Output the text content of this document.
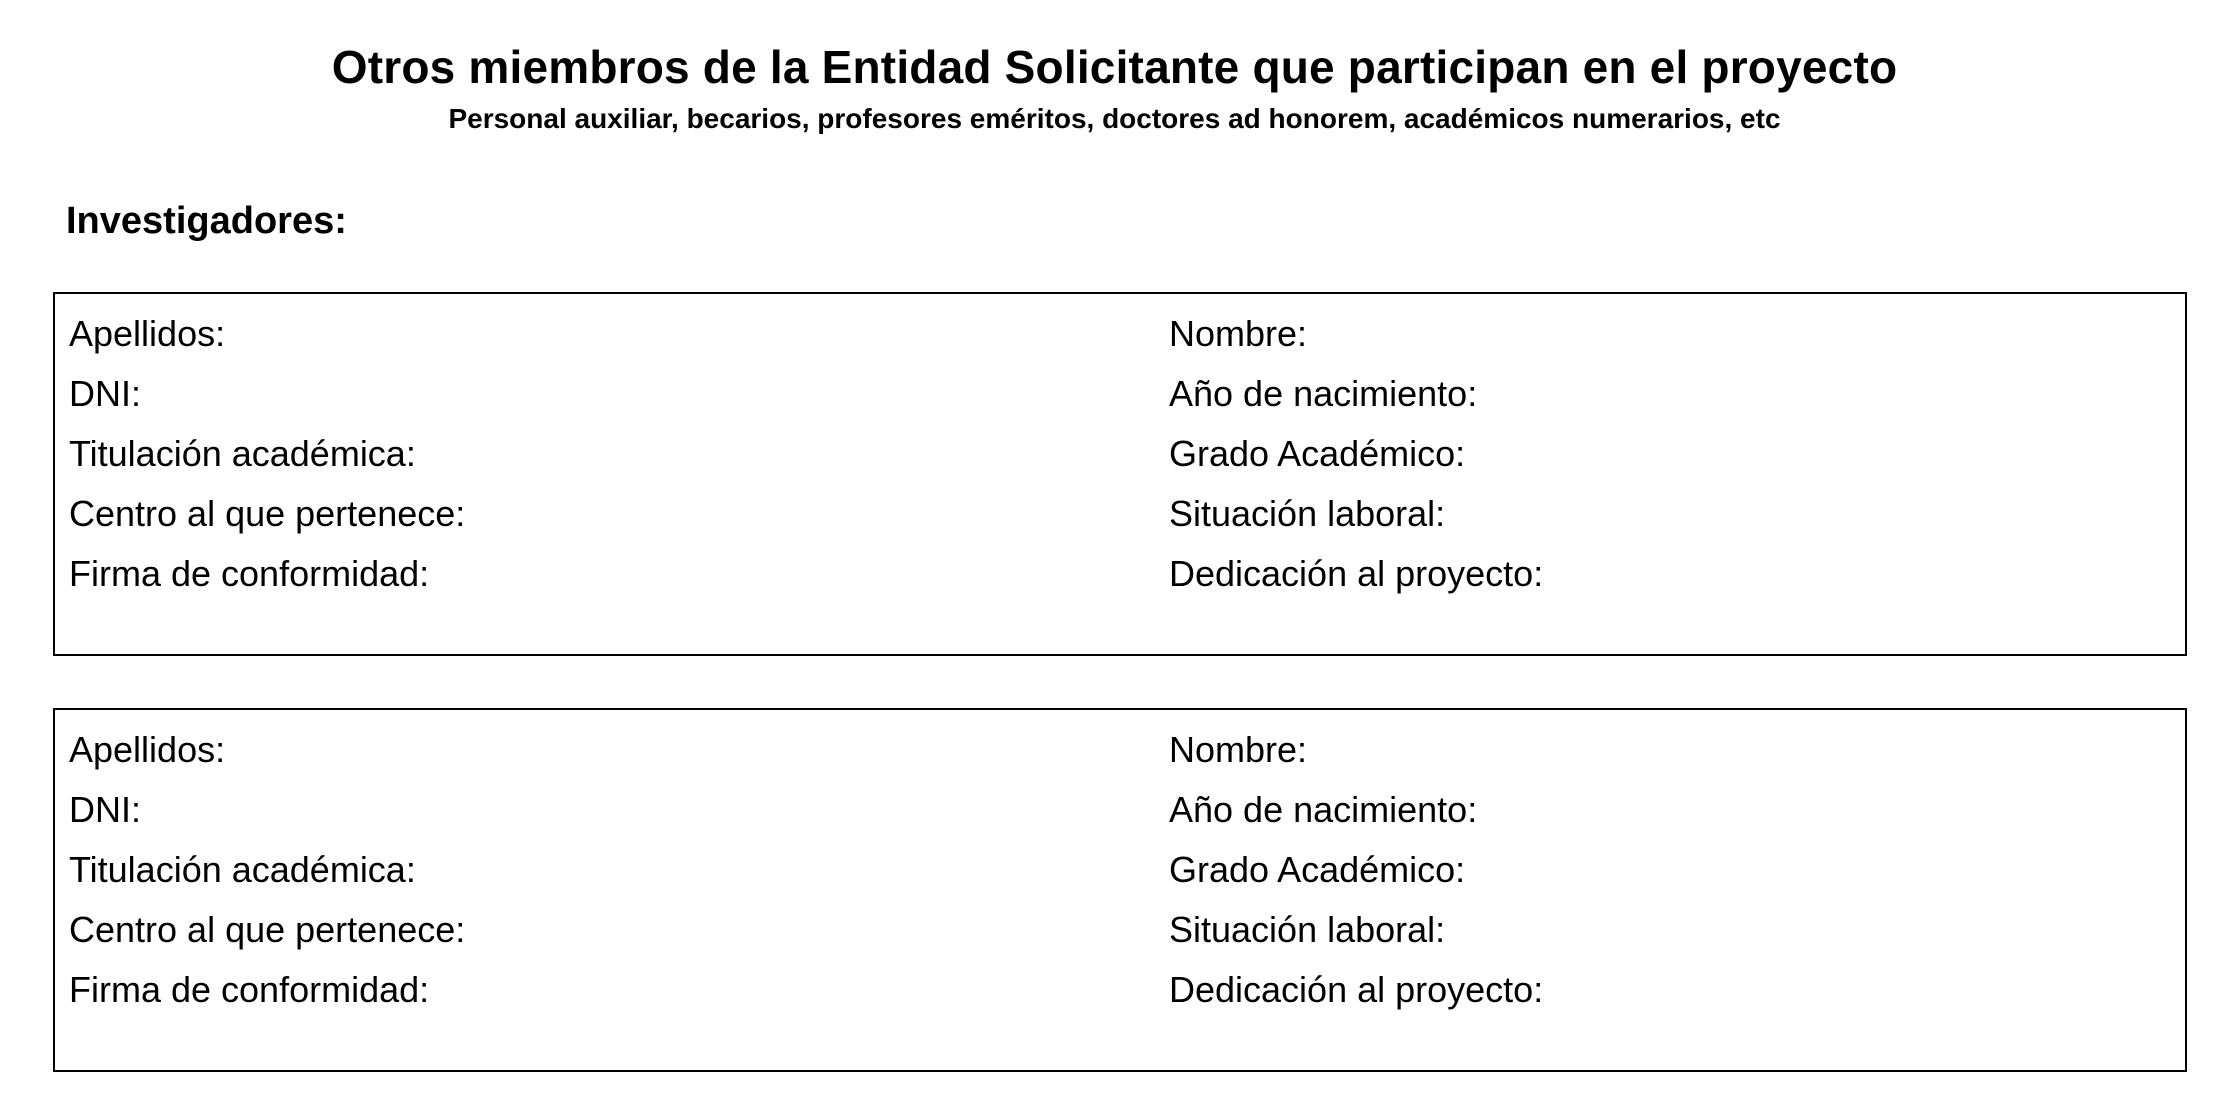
Otros miembros de la Entidad Solicitante que participan en el proyecto
Personal auxiliar, becarios, profesores eméritos, doctores ad honorem, académicos numerarios, etc
Investigadores:
Apellidos:
DNI:
Titulación académica:
Centro al que pertenece:
Firma de conformidad:
Nombre:
Año de nacimiento:
Grado Académico:
Situación laboral:
Dedicación al proyecto:
Apellidos:
DNI:
Titulación académica:
Centro al que pertenece:
Firma de conformidad:
Nombre:
Año de nacimiento:
Grado Académico:
Situación laboral:
Dedicación al proyecto:
